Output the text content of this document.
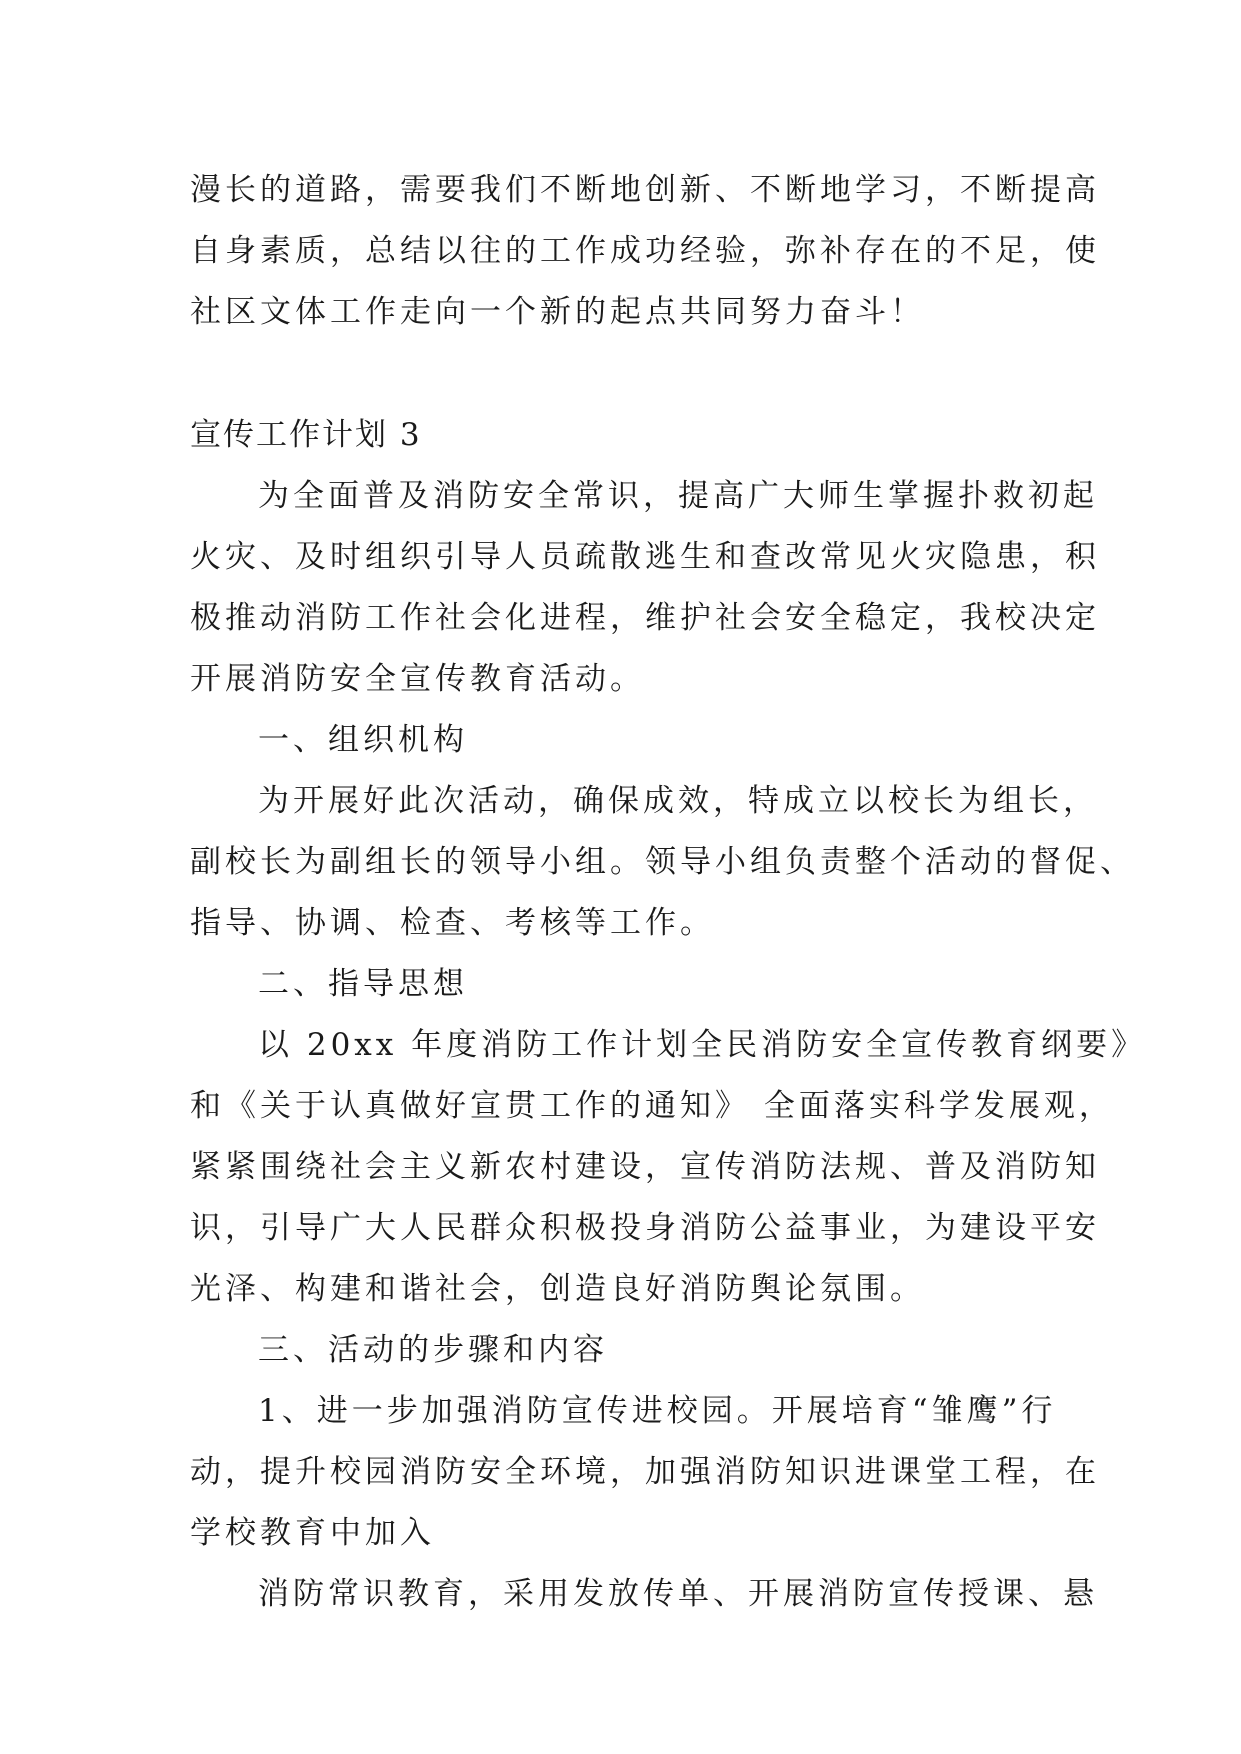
漫长的道路，需要我们不断地创新、不断地学习，不断提高
自身素质，总结以往的工作成功经验，弥补存在的不足，使
社区文体工作走向一个新的起点共同努力奋斗！
宣传工作计划 3
为全面普及消防安全常识，提高广大师生掌握扑救初起
火灾、及时组织引导人员疏散逃生和查改常见火灾隐患，积
极推动消防工作社会化进程，维护社会安全稳定，我校决定
开展消防安全宣传教育活动。
一、组织机构
为开展好此次活动，确保成效，特成立以校长为组长，
副校长为副组长的领导小组。领导小组负责整个活动的督促、
指导、协调、检查、考核等工作。
二、指导思想
以 20xx 年度消防工作计划全民消防安全宣传教育纲要》
和《关于认真做好宣贯工作的通知》 全面落实科学发展观，
紧紧围绕社会主义新农村建设，宣传消防法规、普及消防知
识，引导广大人民群众积极投身消防公益事业，为建设平安
光泽、构建和谐社会，创造良好消防舆论氛围。
三、活动的步骤和内容
1、进一步加强消防宣传进校园。开展培育“雏鹰”行
动，提升校园消防安全环境，加强消防知识进课堂工程，在
学校教育中加入
消防常识教育，采用发放传单、开展消防宣传授课、悬
